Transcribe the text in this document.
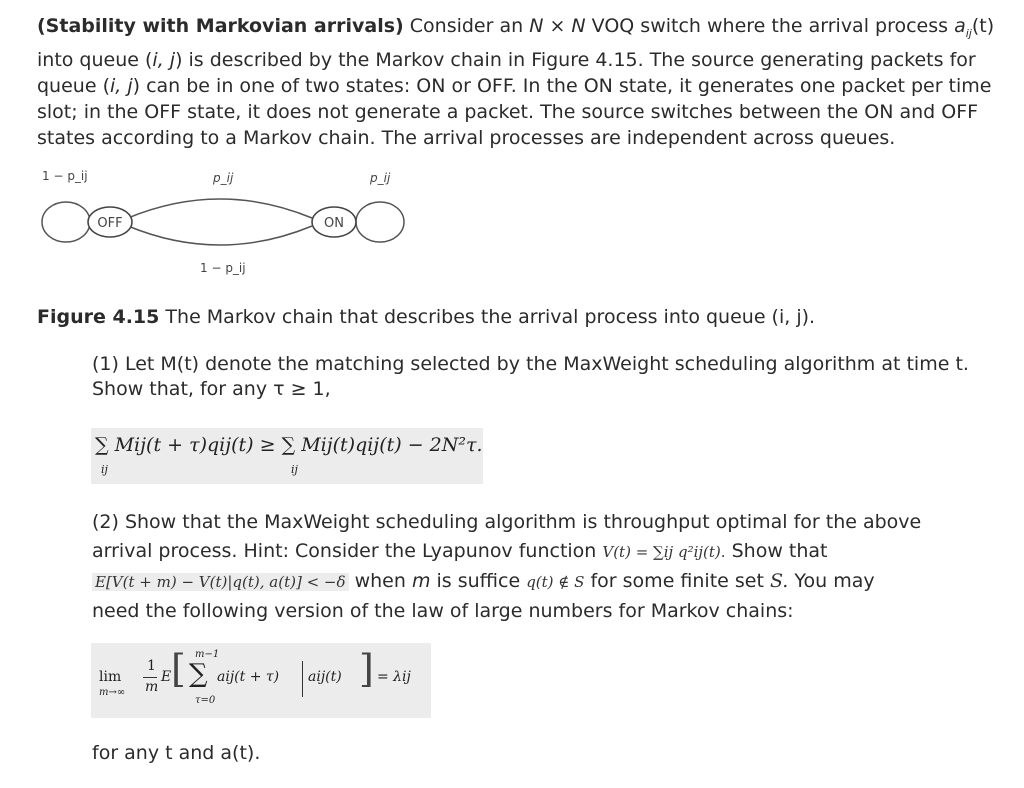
(Stability with Markovian arrivals) Consider an N × N VOQ switch where the arrival process $a_{ij}(t)$ into queue (i, j) is described by the Markov chain in Figure 4.15. The source generating packets for queue (i, j) can be in one of two states: ON or OFF. In the ON state, it generates one packet per time slot; in the OFF state, it does not generate a packet. The source switches between the ON and OFF states according to a Markov chain. The arrival processes are independent across queues.
OFF	ON
1 − p_ij	p_ij	p_ij
1 − p_ij
Figure 4.15 The Markov chain that describes the arrival process into queue (i, j).
(1) Let M(t) denote the matching selected by the MaxWeight scheduling algorithm at time t.
Show that, for any τ ≥ 1,
∑ Mij(t + τ)qij(t) ≥ ∑ Mij(t)qij(t) − 2N²τ.
ij	ij
(2) Show that the MaxWeight scheduling algorithm is throughput optimal for the above
arrival process. Hint: Consider the Lyapunov function V(t) = ∑ij q²ij(t). Show that
E[V(t + m) − V(t)|q(t), a(t)] < −δ when m is suffice q(t) ∉ S for some finite set S. You may
need the following version of the law of large numbers for Markov chains:
lim
m→∞
1
m
E [ m−1
∑
τ=0
aij(t + τ) aij(t) ] = λij
for any t and a(t).
